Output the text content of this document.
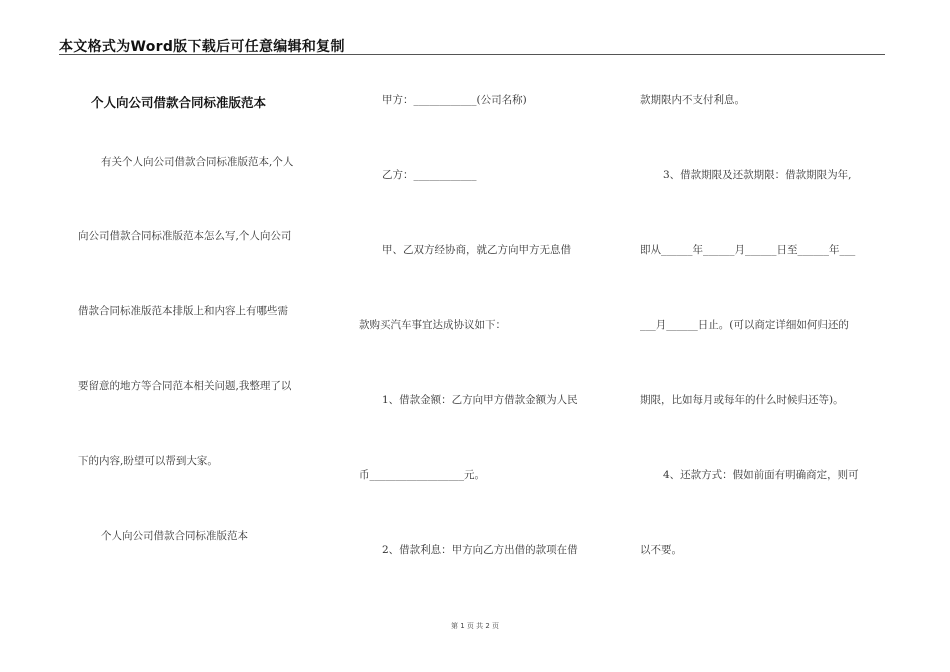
本文格式为Word版下载后可任意编辑和复制
个人向公司借款合同标准版范本
有关个人向公司借款合同标准版范本,个人
向公司借款合同标准版范本怎么写,个人向公司
借款合同标准版范本排版上和内容上有哪些需
要留意的地方等合同范本相关问题,我整理了以
下的内容,盼望可以帮到大家。
个人向公司借款合同标准版范本
甲方：____________(公司名称)
乙方：____________
甲、乙双方经协商，就乙方向甲方无息借
款购买汽车事宜达成协议如下：
1、借款金额：乙方向甲方借款金额为人民
币__________________元。
2、借款利息：甲方向乙方出借的款项在借
款期限内不支付利息。
3、借款期限及还款期限：借款期限为年,
即从______年______月______日至______年___
___月______日止。(可以商定详细如何归还的
期限，比如每月或每年的什么时候归还等)。
4、还款方式：假如前面有明确商定，则可
以不要。
第 1 页 共 2 页
